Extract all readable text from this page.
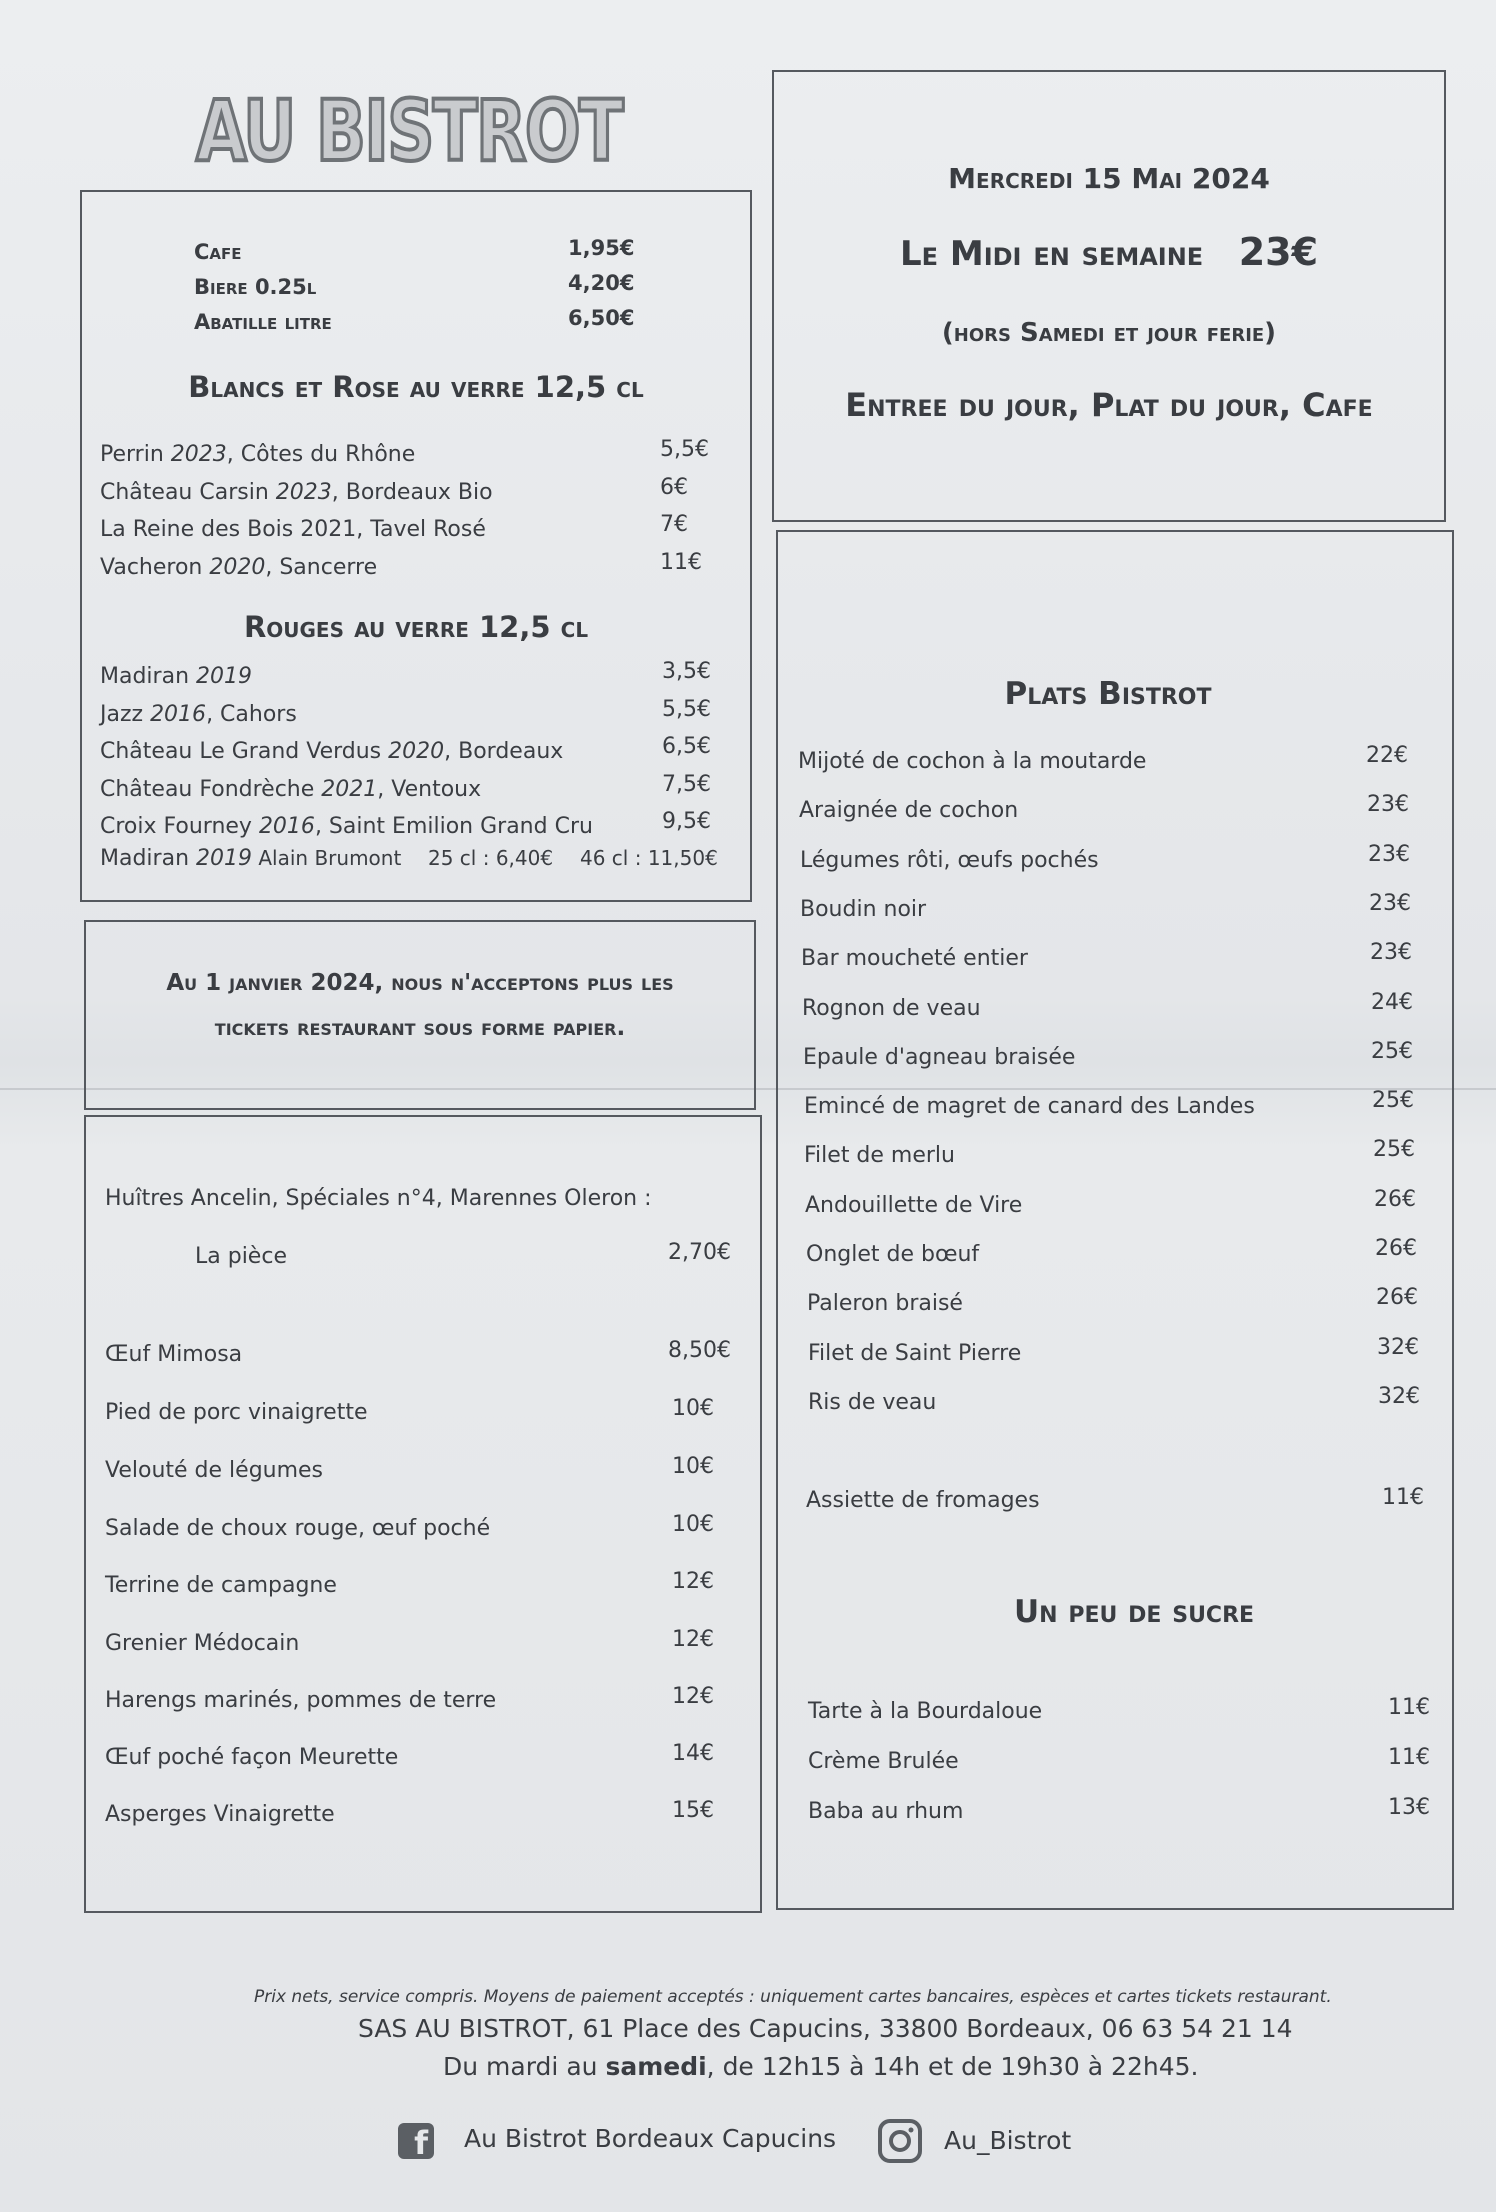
AU BISTROT
Cafe	1,95€
Biere 0.25l	4,20€
Abatille litre	6,50€
Blancs et Rose au verre 12,5 cl
Perrin 2023, Côtes du Rhône	5,5€
Château Carsin 2023, Bordeaux Bio	6€
La Reine des Bois 2021, Tavel Rosé	7€
Vacheron 2020, Sancerre	11€
Rouges au verre 12,5 cl
Madiran 2019	3,5€
Jazz 2016, Cahors	5,5€
Château Le Grand Verdus 2020, Bordeaux	6,5€
Château Fondrèche 2021, Ventoux	7,5€
Croix Fourney 2016, Saint Emilion Grand Cru	9,5€
Madiran 2019 Alain Brumont 25 cl : 6,40€ 46 cl : 11,50€
Au 1 janvier 2024, nous n'acceptons plus les
tickets restaurant sous forme papier.
Huîtres Ancelin, Spéciales n°4, Marennes Oleron :
La pièce	2,70€
Œuf Mimosa	8,50€
Pied de porc vinaigrette	10€
Velouté de légumes	10€
Salade de choux rouge, œuf poché	10€
Terrine de campagne	12€
Grenier Médocain	12€
Harengs marinés, pommes de terre	12€
Œuf poché façon Meurette	14€
Asperges Vinaigrette	15€
Mercredi 15 Mai 2024
Le Midi en semaine 23€
(hors Samedi et jour ferie)
Entree du jour, Plat du jour, Cafe
Plats Bistrot
Mijoté de cochon à la moutarde	22€
Araignée de cochon	23€
Légumes rôti, œufs pochés	23€
Boudin noir	23€
Bar moucheté entier	23€
Rognon de veau	24€
Epaule d'agneau braisée	25€
Emincé de magret de canard des Landes	25€
Filet de merlu	25€
Andouillette de Vire	26€
Onglet de bœuf	26€
Paleron braisé	26€
Filet de Saint Pierre	32€
Ris de veau	32€
Assiette de fromages	11€
Un peu de sucre
Tarte à la Bourdaloue	11€
Crème Brulée	11€
Baba au rhum	13€
Prix nets, service compris. Moyens de paiement acceptés : uniquement cartes bancaires, espèces et cartes tickets restaurant.
SAS AU BISTROT, 61 Place des Capucins, 33800 Bordeaux, 06 63 54 21 14
Du mardi au samedi, de 12h15 à 14h et de 19h30 à 22h45.
f Au Bistrot Bordeaux Capucins	Au_Bistrot
